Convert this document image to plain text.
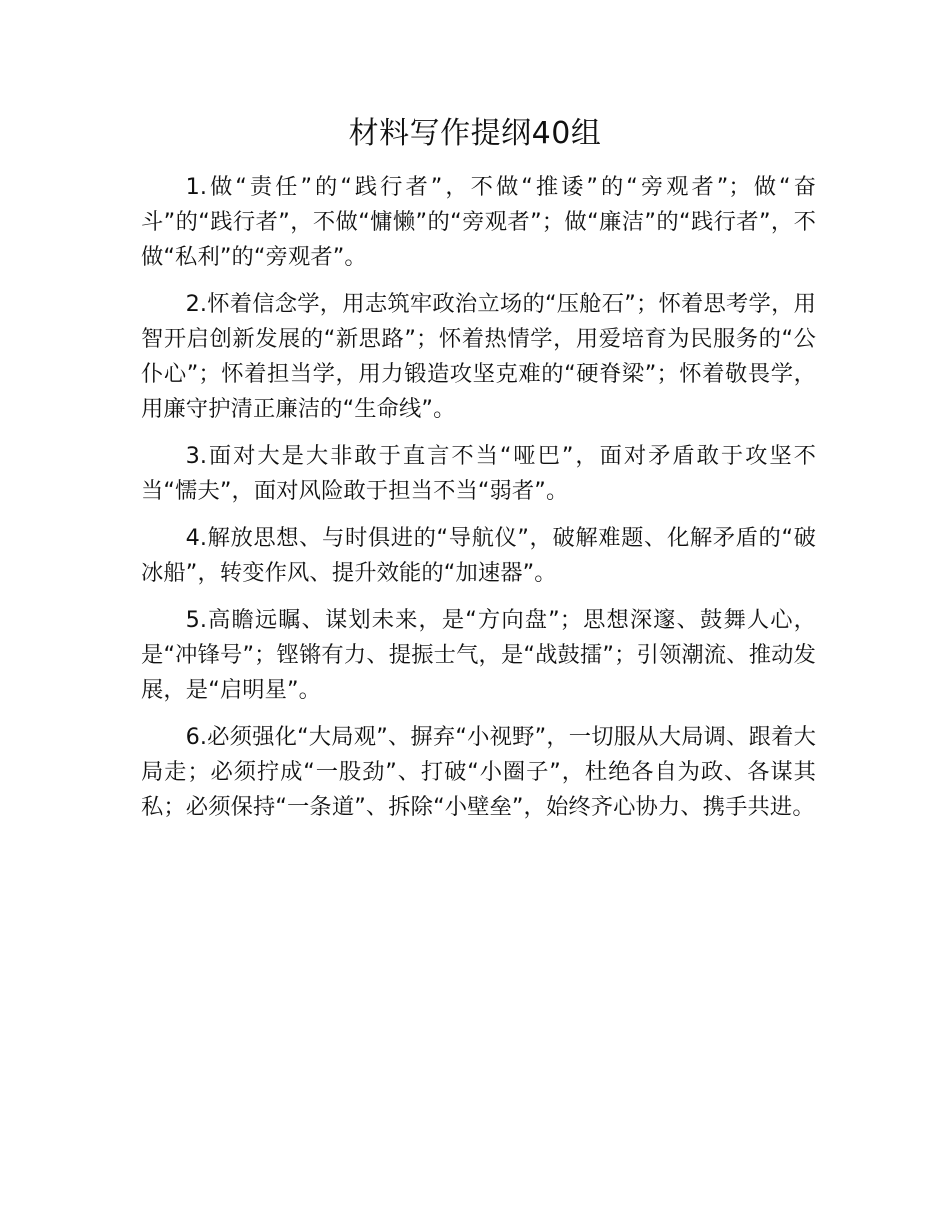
材料写作提纲40组

1.做“责任”的“践行者”，不做“推诿”的“旁观者”；做“奋斗”的“践行者”，不做“慵懒”的“旁观者”；做“廉洁”的“践行者”，不做“私利”的“旁观者”。

2.怀着信念学，用志筑牢政治立场的“压舱石”；怀着思考学，用智开启创新发展的“新思路”；怀着热情学，用爱培育为民服务的“公仆心”；怀着担当学，用力锻造攻坚克难的“硬脊梁”；怀着敬畏学，用廉守护清正廉洁的“生命线”。

3.面对大是大非敢于直言不当“哑巴”，面对矛盾敢于攻坚不当“懦夫”，面对风险敢于担当不当“弱者”。

4.解放思想、与时俱进的“导航仪”，破解难题、化解矛盾的“破冰船”，转变作风、提升效能的“加速器”。

5.高瞻远瞩、谋划未来，是“方向盘”；思想深邃、鼓舞人心，是“冲锋号”；铿锵有力、提振士气，是“战鼓擂”；引领潮流、推动发展，是“启明星”。

6.必须强化“大局观”、摒弃“小视野”，一切服从大局调、跟着大局走；必须拧成“一股劲”、打破“小圈子”，杜绝各自为政、各谋其私；必须保持“一条道”、拆除“小壁垒”，始终齐心协力、携手共进。
